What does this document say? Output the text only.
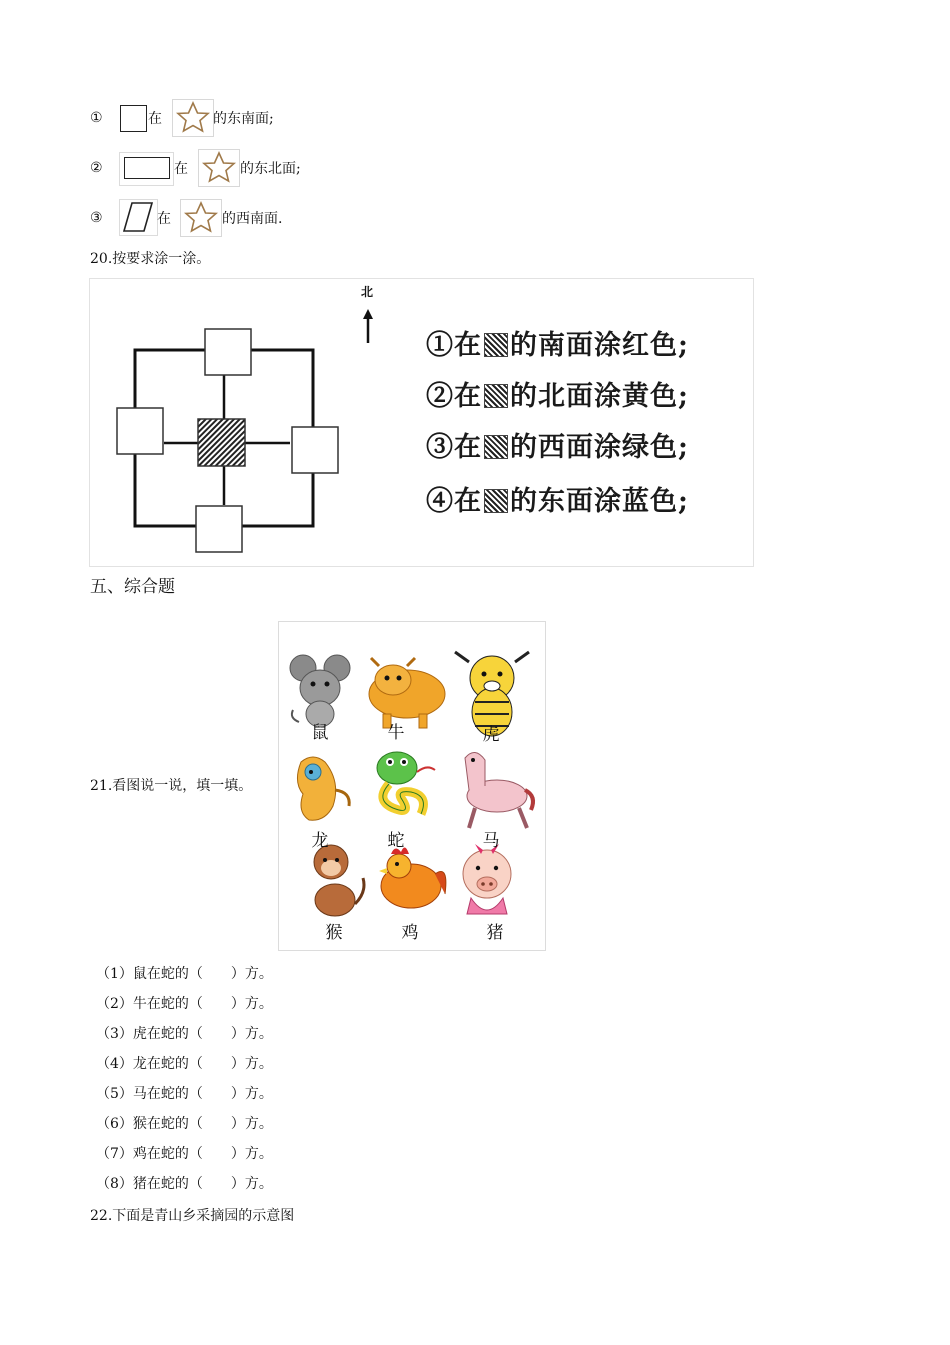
①	在	的东南面;
②	在	的东北面;
③	在	的西南面.
20.按要求涂一涂。
北
①在 的南面涂红色;
②在 的北面涂黄色;
③在 的西面涂绿色;
④在 的东面涂蓝色;
五、综合题
21.看图说一说，填一填。
鼠	牛	虎
龙	蛇	马
猴	鸡	猪
（1）鼠在蛇的（　　）方。
（2）牛在蛇的（　　）方。
（3）虎在蛇的（　　）方。
（4）龙在蛇的（　　）方。
（5）马在蛇的（　　）方。
（6）猴在蛇的（　　）方。
（7）鸡在蛇的（　　）方。
（8）猪在蛇的（　　）方。
22.下面是青山乡采摘园的示意图
